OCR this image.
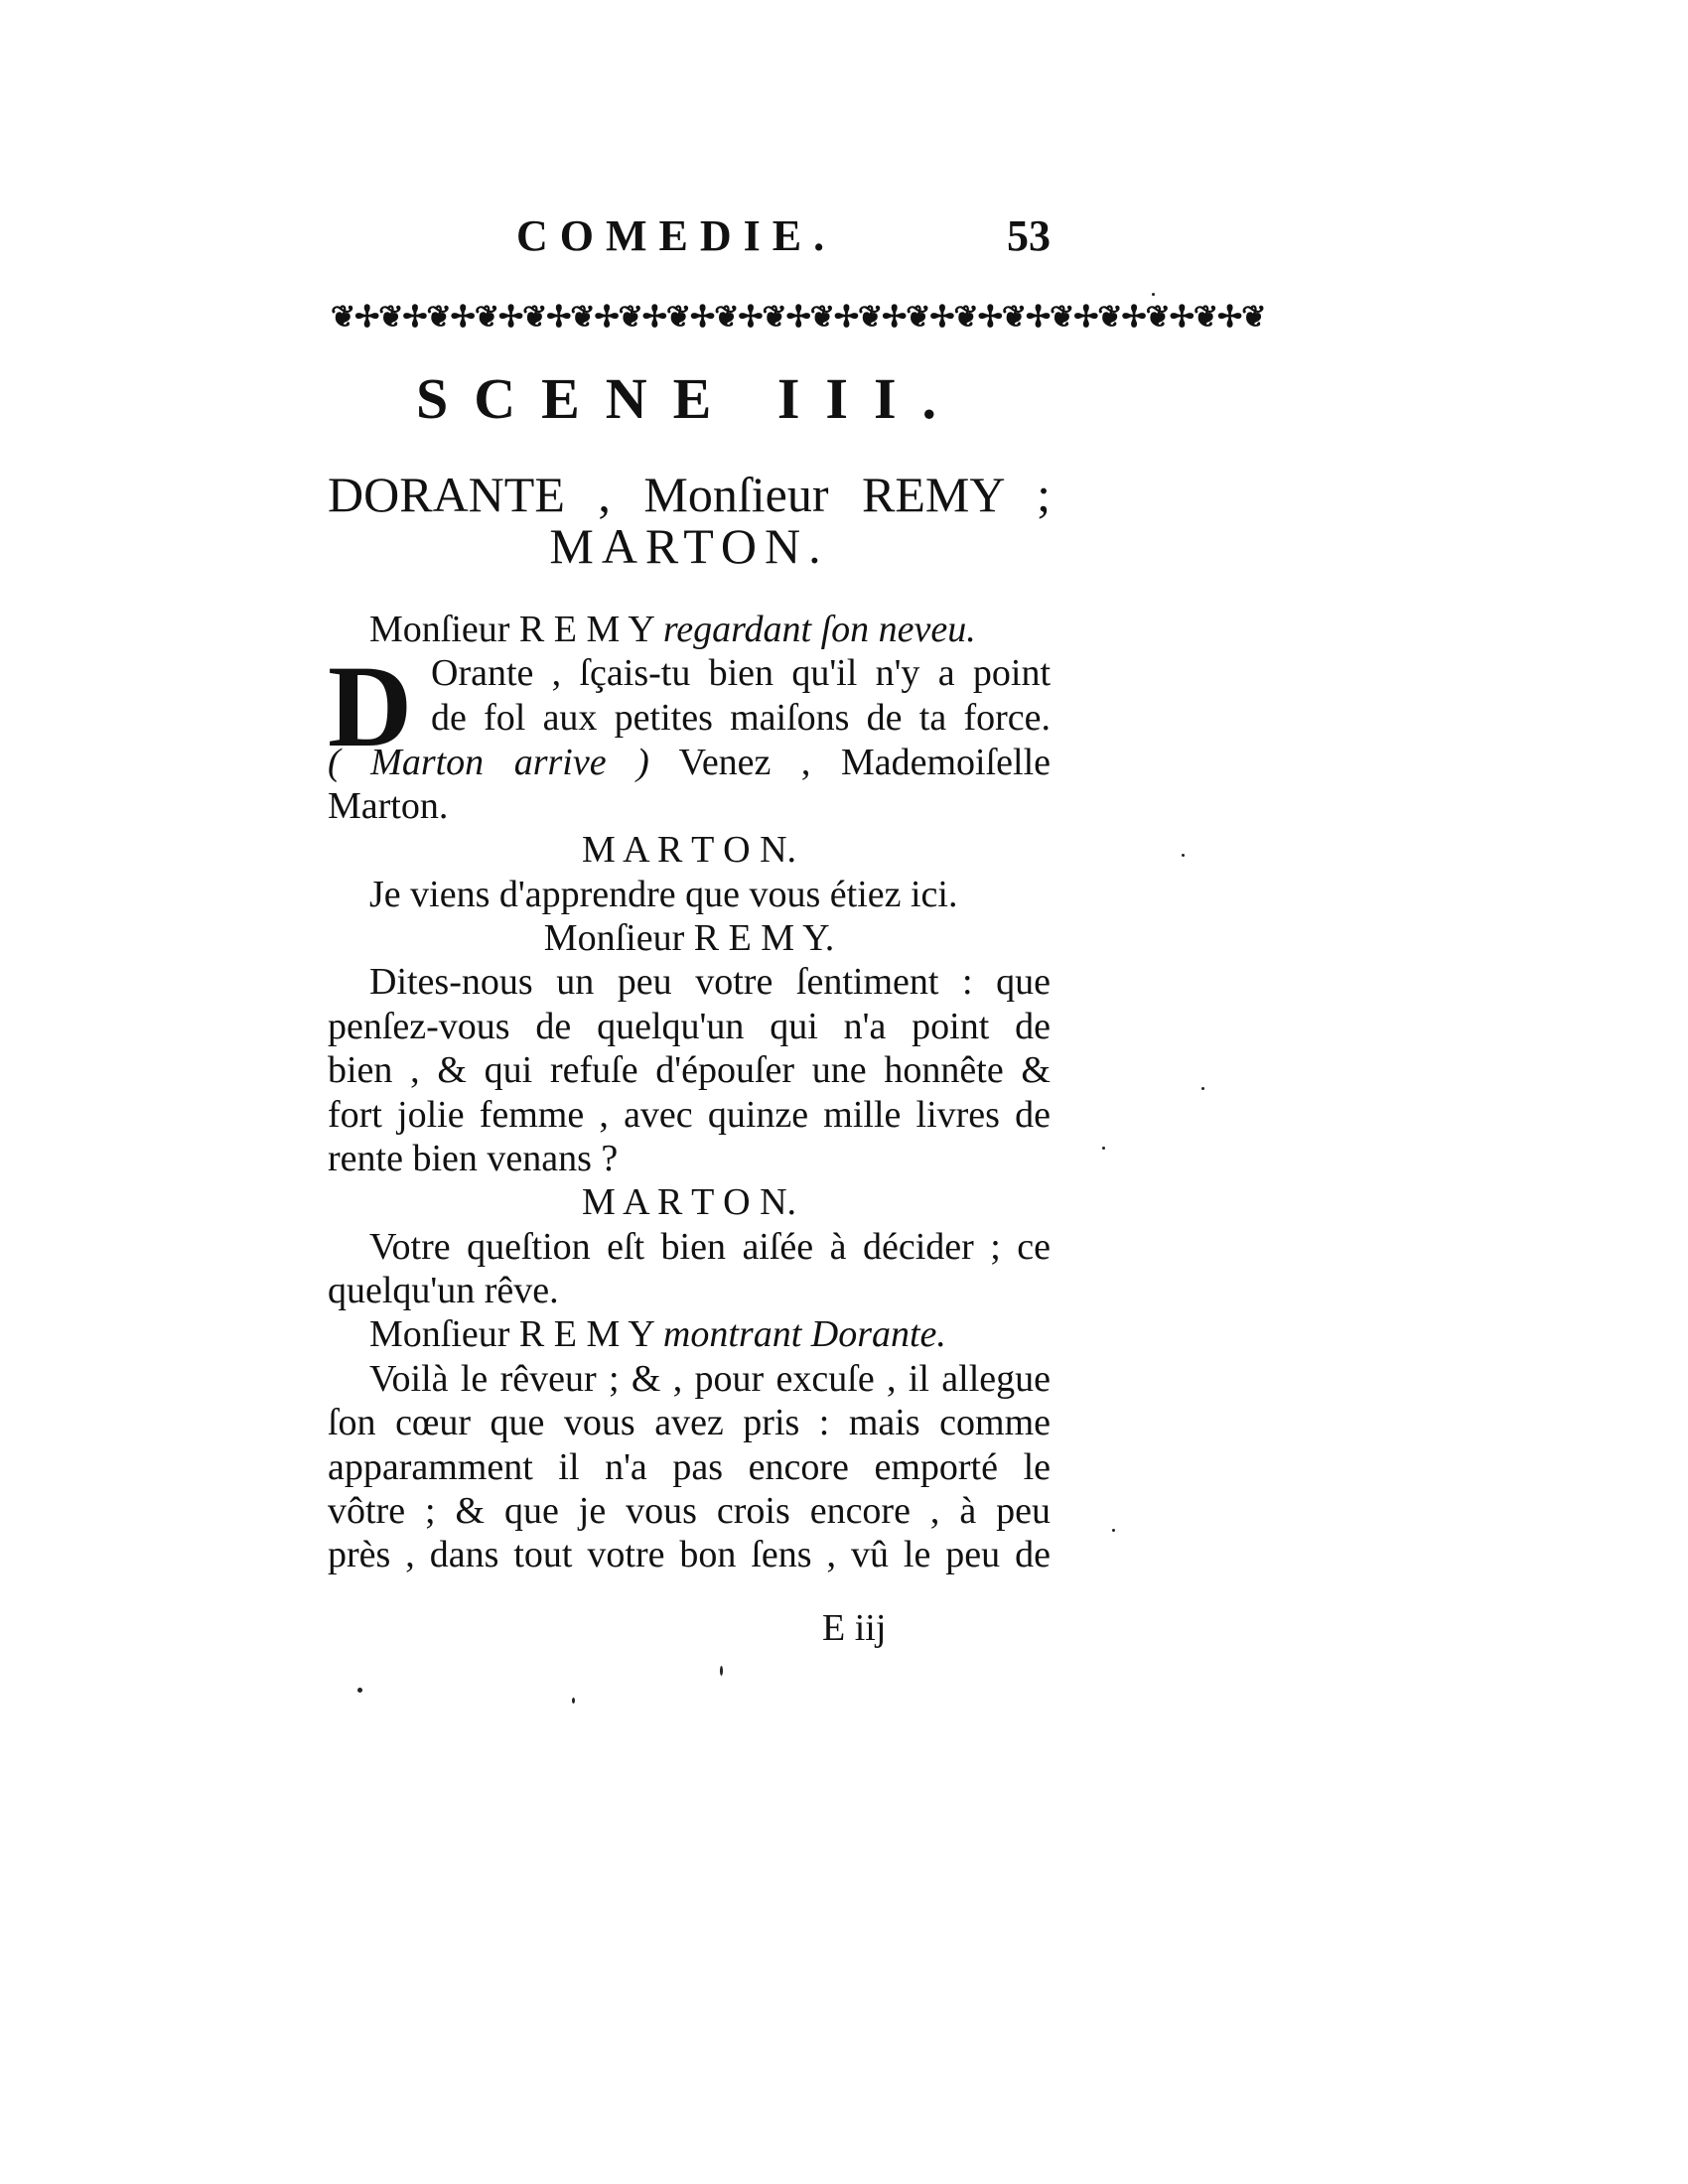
COMEDIE.	53
❦✢❦✢❦✢❦✢❦✢❦✢❦✢❦✢❦✢❦✢❦✢❦✢❦✢❦✢❦✢❦✢❦✢❦✢❦✢❦
SCENE III.
DORANTE , Monſieur REMY ;
MARTON.
Monſieur R E M Y regardant ſon neveu.
D Orante , ſçais-tu bien qu'il n'y a point
de fol aux petites maiſons de ta force.
( Marton arrive ) Venez , Mademoiſelle
Marton.
M A R T O N.
Je viens d'apprendre que vous étiez ici.
Monſieur R E M Y.
Dites-nous un peu votre ſentiment : que
penſez-vous de quelqu'un qui n'a point de
bien , & qui refuſe d'épouſer une honnête &
fort jolie femme , avec quinze mille livres de
rente bien venans ?
M A R T O N.
Votre queſtion eſt bien aiſée à décider ; ce
quelqu'un rêve.
Monſieur R E M Y montrant Dorante.
Voilà le rêveur ; & , pour excuſe , il allegue
ſon cœur que vous avez pris : mais comme
apparamment il n'a pas encore emporté le
vôtre ; & que je vous crois encore , à peu
près , dans tout votre bon ſens , vû le peu de
E iij
